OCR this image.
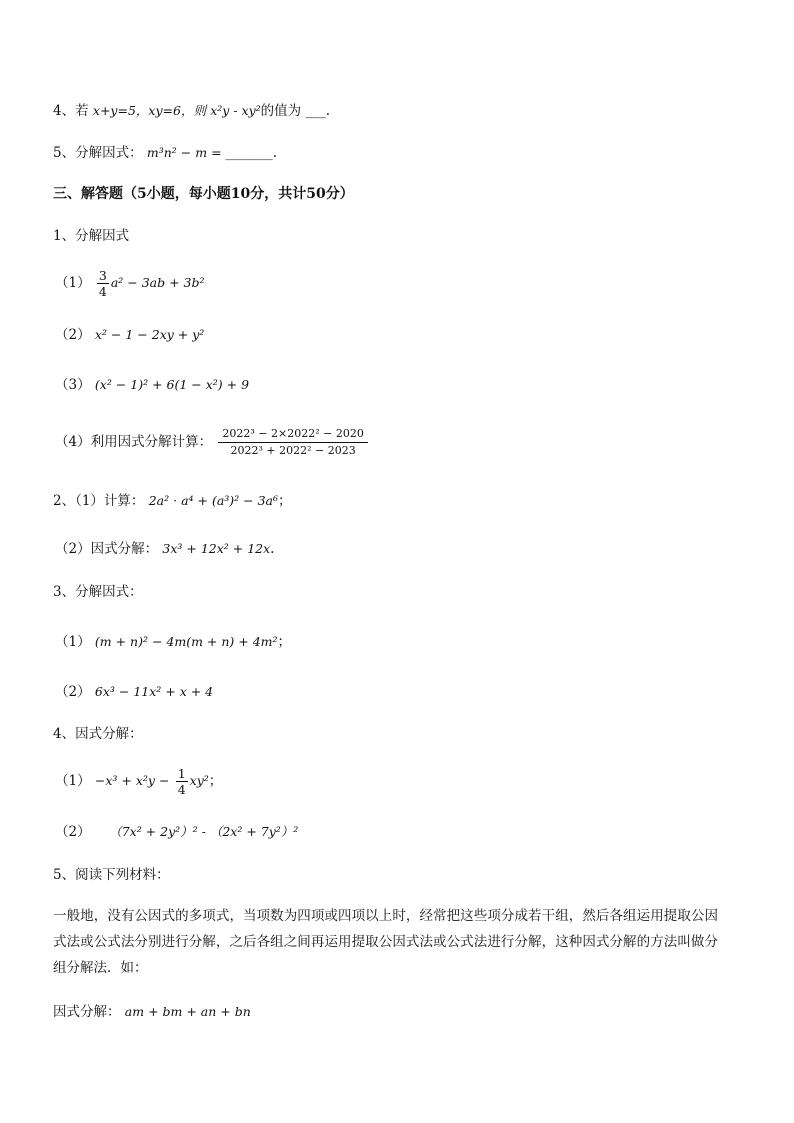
4、若 x+y=5，xy=6，则 x²y - xy²的值为 ___.
5、分解因式： m³n² − m = _______.
三、解答题（5小题，每小题10分，共计50分）
1、分解因式
$(1) \frac{3}{4} a^2 - 3ab + 3b^2$
（2） x² − 1 − 2xy + y²
（3） (x² − 1)² + 6(1 − x²) + 9
（4）利用因式分解计算： $\frac{\text{2022³ − 2×2022² − 2020}}{\text{2022³ + 2022² − 2023}}$
2、（1）计算： 2a² · a⁴ + (a³)² − 3a⁶；
（2）因式分解： 3x³ + 12x² + 12x.
3、分解因式：
（1） (m + n)² − 4m(m + n) + 4m²；
（2） 6x³ − 11x² + x + 4
4、因式分解：
$(1) -x^3 + x^2y - \frac{1}{4} xy^2$；
（2） （7x² + 2y²）² - （2x² + 7y²）²
5、阅读下列材料：
一般地，没有公因式的多项式，当项数为四项或四项以上时，经常把这些项分成若干组，然后各组运用提取公因式法或公式法分别进行分解，之后各组之间再运用提取公因式法或公式法进行分解，这种因式分解的方法叫做分组分解法．如：
因式分解： am + bm + an + bn
